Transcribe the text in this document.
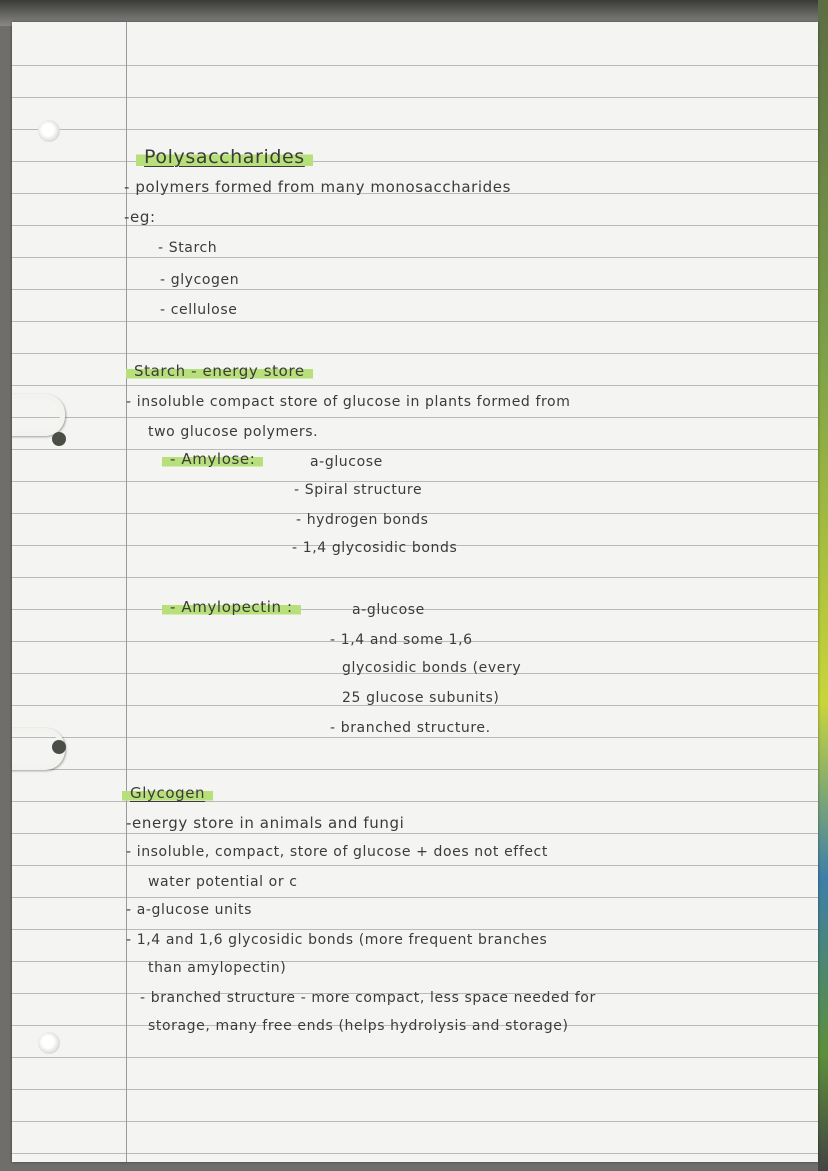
Polysaccharides
- polymers formed from many monosaccharides
-eg:
- Starch
- glycogen
- cellulose
Starch - energy store
- insoluble compact store of glucose in plants formed from
two glucose polymers.
- Amylose:	a-glucose
- Spiral structure
- hydrogen bonds
- 1,4 glycosidic bonds
- Amylopectin :	a-glucose
- 1,4 and some 1,6
glycosidic bonds (every
25 glucose subunits)
- branched structure.
Glycogen
-energy store in animals and fungi
- insoluble, compact, store of glucose + does not effect
water potential or c
- a-glucose units
- 1,4 and 1,6 glycosidic bonds (more frequent branches
than amylopectin)
- branched structure - more compact, less space needed for
storage, many free ends (helps hydrolysis and storage)
